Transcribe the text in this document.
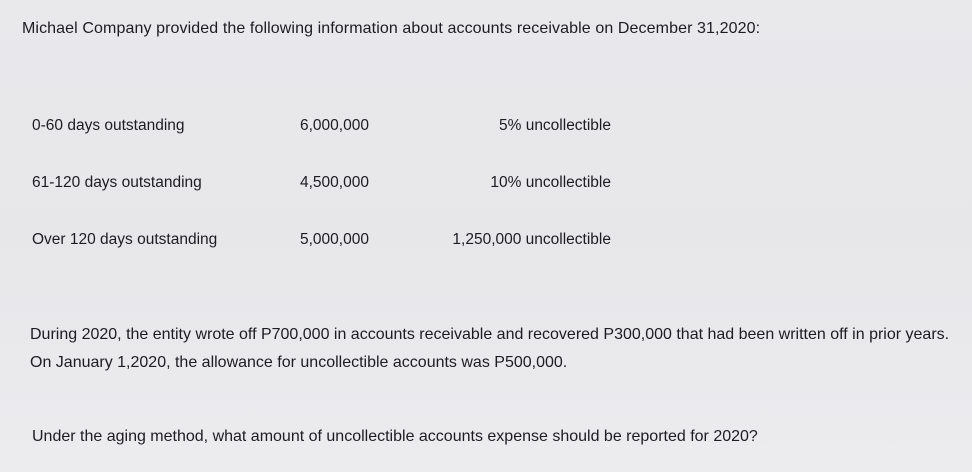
Michael Company provided the following information about accounts receivable on December 31,2020:
0-60 days outstanding	6,000,000	5% uncollectible
61-120 days outstanding	4,500,000	10% uncollectible
Over 120 days outstanding	5,000,000	1,250,000 uncollectible
During 2020, the entity wrote off P700,000 in accounts receivable and recovered P300,000 that had been written off in prior years. On January 1,2020, the allowance for uncollectible accounts was P500,000.
Under the aging method, what amount of uncollectible accounts expense should be reported for 2020?
